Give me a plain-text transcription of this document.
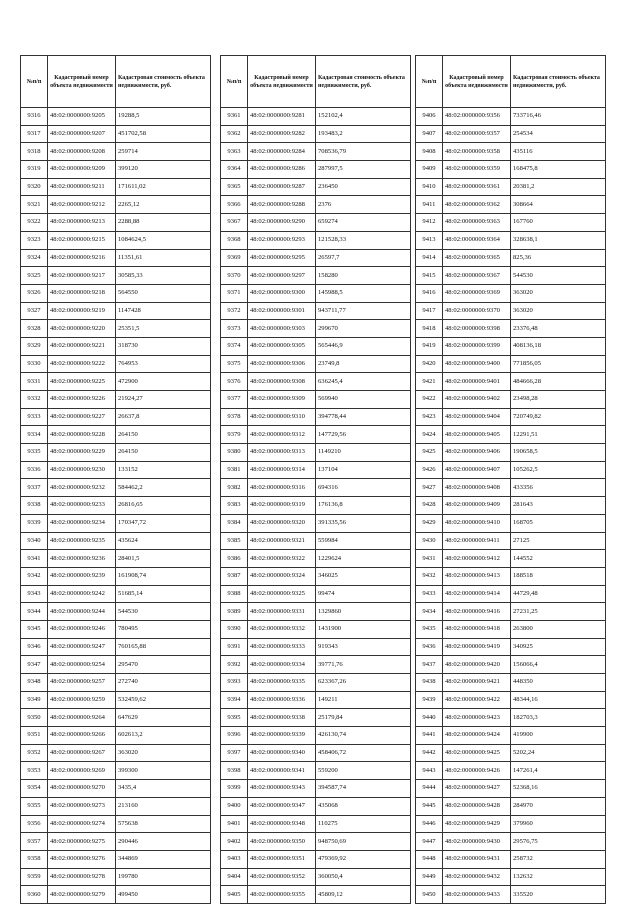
№п/п	Кадастровый номер объекта недвижимости	Кадастровая стоимость объекта недвижимости, руб.
9316	48:02:0000000:9205	19288,5
9317	48:02:0000000:9207	451702,58
9318	48:02:0000000:9208	259714
9319	48:02:0000000:9209	399120
9320	48:02:0000000:9211	171611,02
9321	48:02:0000000:9212	2265,12
9322	48:02:0000000:9213	2288,88
9323	48:02:0000000:9215	1084624,5
9324	48:02:0000000:9216	11351,61
9325	48:02:0000000:9217	30585,33
9326	48:02:0000000:9218	564550
9327	48:02:0000000:9219	1147428
9328	48:02:0000000:9220	25351,5
9329	48:02:0000000:9221	318730
9330	48:02:0000000:9222	764953
9331	48:02:0000000:9225	472900
9332	48:02:0000000:9226	21924,27
9333	48:02:0000000:9227	26637,8
9334	48:02:0000000:9228	264150
9335	48:02:0000000:9229	264150
9336	48:02:0000000:9230	133152
9337	48:02:0000000:9232	584462,2
9338	48:02:0000000:9233	26816,65
9339	48:02:0000000:9234	170347,72
9340	48:02:0000000:9235	435624
9341	48:02:0000000:9236	28401,5
9342	48:02:0000000:9239	161908,74
9343	48:02:0000000:9242	51685,14
9344	48:02:0000000:9244	544530
9345	48:02:0000000:9246	780495
9346	48:02:0000000:9247	760165,88
9347	48:02:0000000:9254	295470
9348	48:02:0000000:9257	272740
9349	48:02:0000000:9259	532459,62
9350	48:02:0000000:9264	647629
9351	48:02:0000000:9266	602613,2
9352	48:02:0000000:9267	363020
9353	48:02:0000000:9269	399300
9354	48:02:0000000:9270	3435,4
9355	48:02:0000000:9273	213160
9356	48:02:0000000:9274	575638
9357	48:02:0000000:9275	290446
9358	48:02:0000000:9276	344869
9359	48:02:0000000:9278	199780
9360	48:02:0000000:9279	499450
№п/п	Кадастровый номер объекта недвижимости	Кадастровая стоимость объекта недвижимости, руб.
9361	48:02:0000000:9281	152102,4
9362	48:02:0000000:9282	193483,2
9363	48:02:0000000:9284	708536,79
9364	48:02:0000000:9286	287997,5
9365	48:02:0000000:9287	236450
9366	48:02:0000000:9288	2376
9367	48:02:0000000:9290	659274
9368	48:02:0000000:9293	121528,33
9369	48:02:0000000:9295	26597,7
9370	48:02:0000000:9297	158280
9371	48:02:0000000:9300	145988,5
9372	48:02:0000000:9301	943711,77
9373	48:02:0000000:9303	299670
9374	48:02:0000000:9305	565446,9
9375	48:02:0000000:9306	23749,8
9376	48:02:0000000:9308	636245,4
9377	48:02:0000000:9309	569940
9378	48:02:0000000:9310	394778,44
9379	48:02:0000000:9312	147729,56
9380	48:02:0000000:9313	1149210
9381	48:02:0000000:9314	137104
9382	48:02:0000000:9316	694316
9383	48:02:0000000:9319	176136,8
9384	48:02:0000000:9320	391335,56
9385	48:02:0000000:9321	559984
9386	48:02:0000000:9322	1229624
9387	48:02:0000000:9324	346025
9388	48:02:0000000:9325	99474
9389	48:02:0000000:9331	1329860
9390	48:02:0000000:9332	1431900
9391	48:02:0000000:9333	919343
9392	48:02:0000000:9334	39771,76
9393	48:02:0000000:9335	623367,26
9394	48:02:0000000:9336	149211
9395	48:02:0000000:9338	25179,84
9396	48:02:0000000:9339	426130,74
9397	48:02:0000000:9340	458406,72
9398	48:02:0000000:9341	559200
9399	48:02:0000000:9343	394587,74
9400	48:02:0000000:9347	435068
9401	48:02:0000000:9348	110275
9402	48:02:0000000:9350	948750,69
9403	48:02:0000000:9351	479369,92
9404	48:02:0000000:9352	360050,4
9405	48:02:0000000:9355	45809,12
№п/п	Кадастровый номер объекта недвижимости	Кадастровая стоимость объекта недвижимости, руб.
9406	48:02:0000000:9356	733716,46
9407	48:02:0000000:9357	254534
9408	48:02:0000000:9358	435116
9409	48:02:0000000:9359	168475,8
9410	48:02:0000000:9361	20381,2
9411	48:02:0000000:9362	308664
9412	48:02:0000000:9363	167760
9413	48:02:0000000:9364	328638,1
9414	48:02:0000000:9365	825,36
9415	48:02:0000000:9367	544530
9416	48:02:0000000:9369	363020
9417	48:02:0000000:9370	363020
9418	48:02:0000000:9398	23376,48
9419	48:02:0000000:9399	408136,18
9420	48:02:0000000:9400	771856,05
9421	48:02:0000000:9401	484666,28
9422	48:02:0000000:9402	23498,28
9423	48:02:0000000:9404	720749,82
9424	48:02:0000000:9405	12291,51
9425	48:02:0000000:9406	190658,5
9426	48:02:0000000:9407	105262,5
9427	48:02:0000000:9408	433356
9428	48:02:0000000:9409	281643
9429	48:02:0000000:9410	168705
9430	48:02:0000000:9411	27125
9431	48:02:0000000:9412	144552
9432	48:02:0000000:9413	188518
9433	48:02:0000000:9414	44729,48
9434	48:02:0000000:9416	27231,25
9435	48:02:0000000:9418	263800
9436	48:02:0000000:9419	340925
9437	48:02:0000000:9420	156066,4
9438	48:02:0000000:9421	448350
9439	48:02:0000000:9422	48344,16
9440	48:02:0000000:9423	182703,3
9441	48:02:0000000:9424	419900
9442	48:02:0000000:9425	5202,24
9443	48:02:0000000:9426	147261,4
9444	48:02:0000000:9427	52368,16
9445	48:02:0000000:9428	284970
9446	48:02:0000000:9429	379960
9447	48:02:0000000:9430	29576,75
9448	48:02:0000000:9431	258732
9449	48:02:0000000:9432	132632
9450	48:02:0000000:9433	335520
